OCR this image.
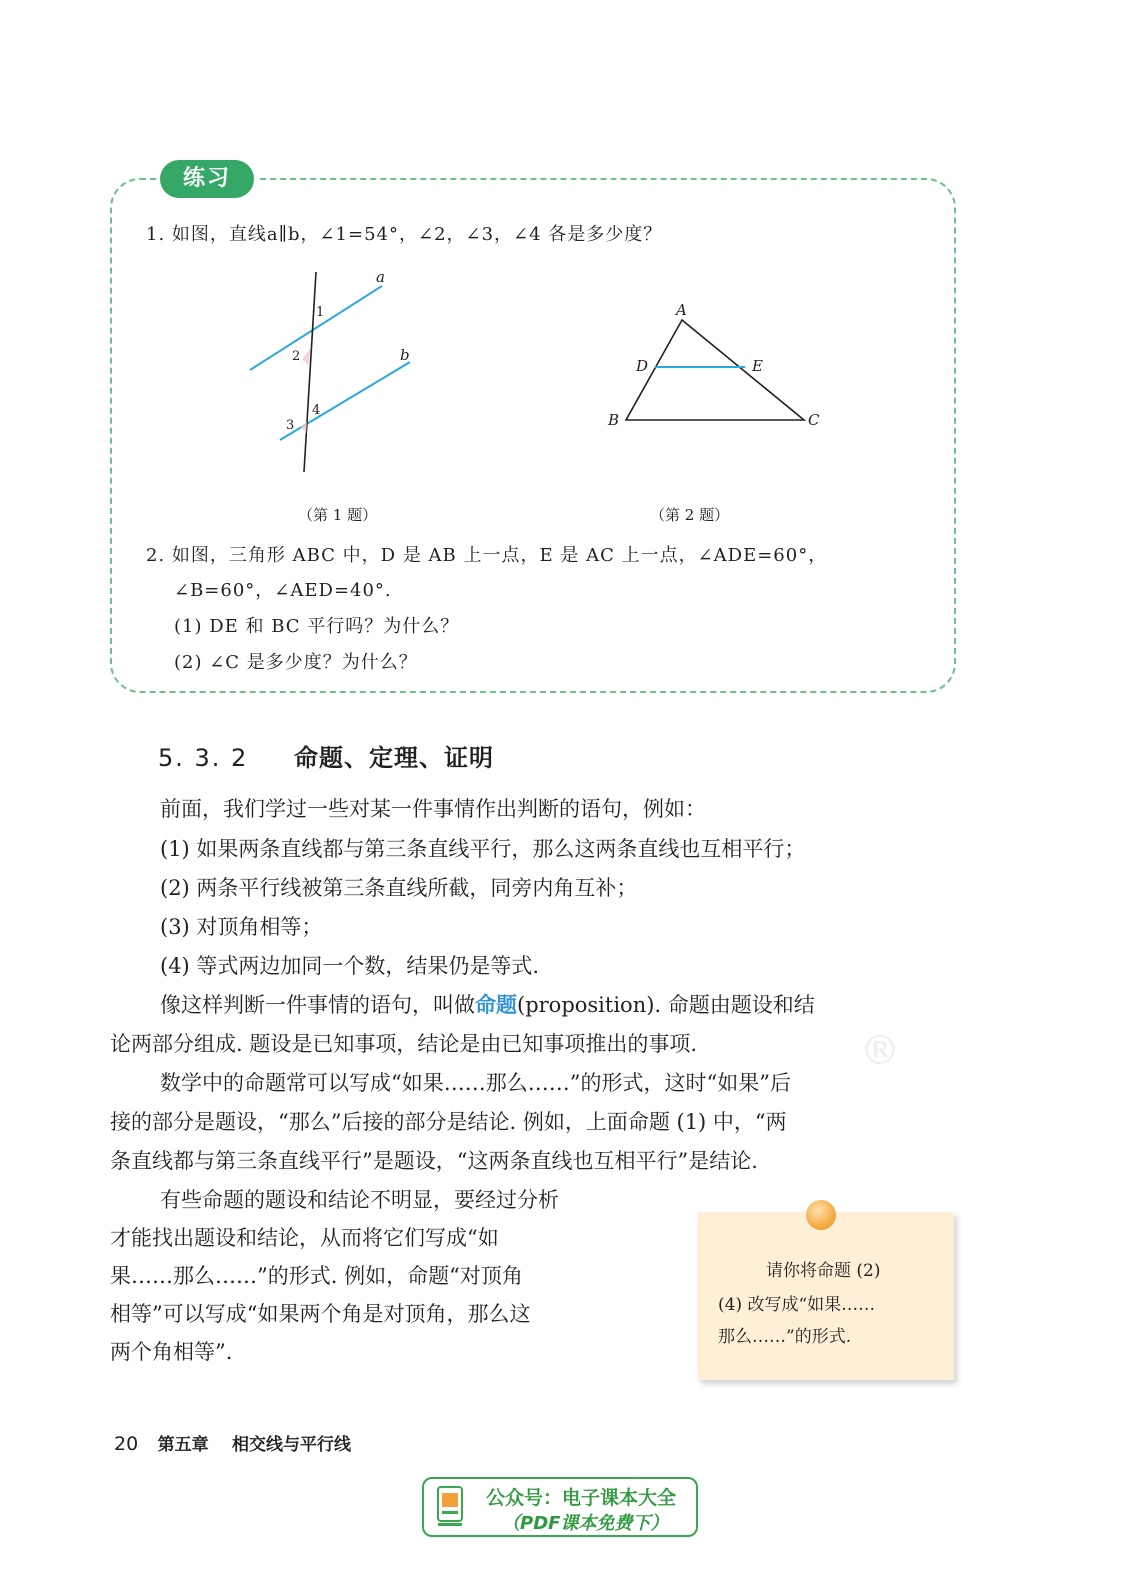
练习
1. 如图，直线a∥b，∠1=54°，∠2，∠3，∠4 各是多少度？
a
b
1
2
3
4
（第 1 题）
A
B	C
D	E
（第 2 题）
2. 如图，三角形 ABC 中，D 是 AB 上一点，E 是 AC 上一点，∠ADE=60°，
∠B=60°，∠AED=40°.
(1) DE 和 BC 平行吗？为什么？
(2) ∠C 是多少度？为什么？
5. 3. 2 命题、定理、证明
®
前面，我们学过一些对某一件事情作出判断的语句，例如：
(1) 如果两条直线都与第三条直线平行，那么这两条直线也互相平行；
(2) 两条平行线被第三条直线所截，同旁内角互补；
(3) 对顶角相等；
(4) 等式两边加同一个数，结果仍是等式.
像这样判断一件事情的语句，叫做命题(proposition). 命题由题设和结
论两部分组成. 题设是已知事项，结论是由已知事项推出的事项.
数学中的命题常可以写成“如果……那么……”的形式，这时“如果”后
接的部分是题设，“那么”后接的部分是结论. 例如，上面命题 (1) 中，“两
条直线都与第三条直线平行”是题设，“这两条直线也互相平行”是结论.
有些命题的题设和结论不明显，要经过分析
才能找出题设和结论，从而将它们写成“如
果……那么……”的形式. 例如，命题“对顶角
相等”可以写成“如果两个角是对顶角，那么这
两个角相等”.
请你将命题 (2)
(4) 改写成“如果……
那么……”的形式.
20 第五章 相交线与平行线
公众号：电子课本大全
（PDF课本免费下）
